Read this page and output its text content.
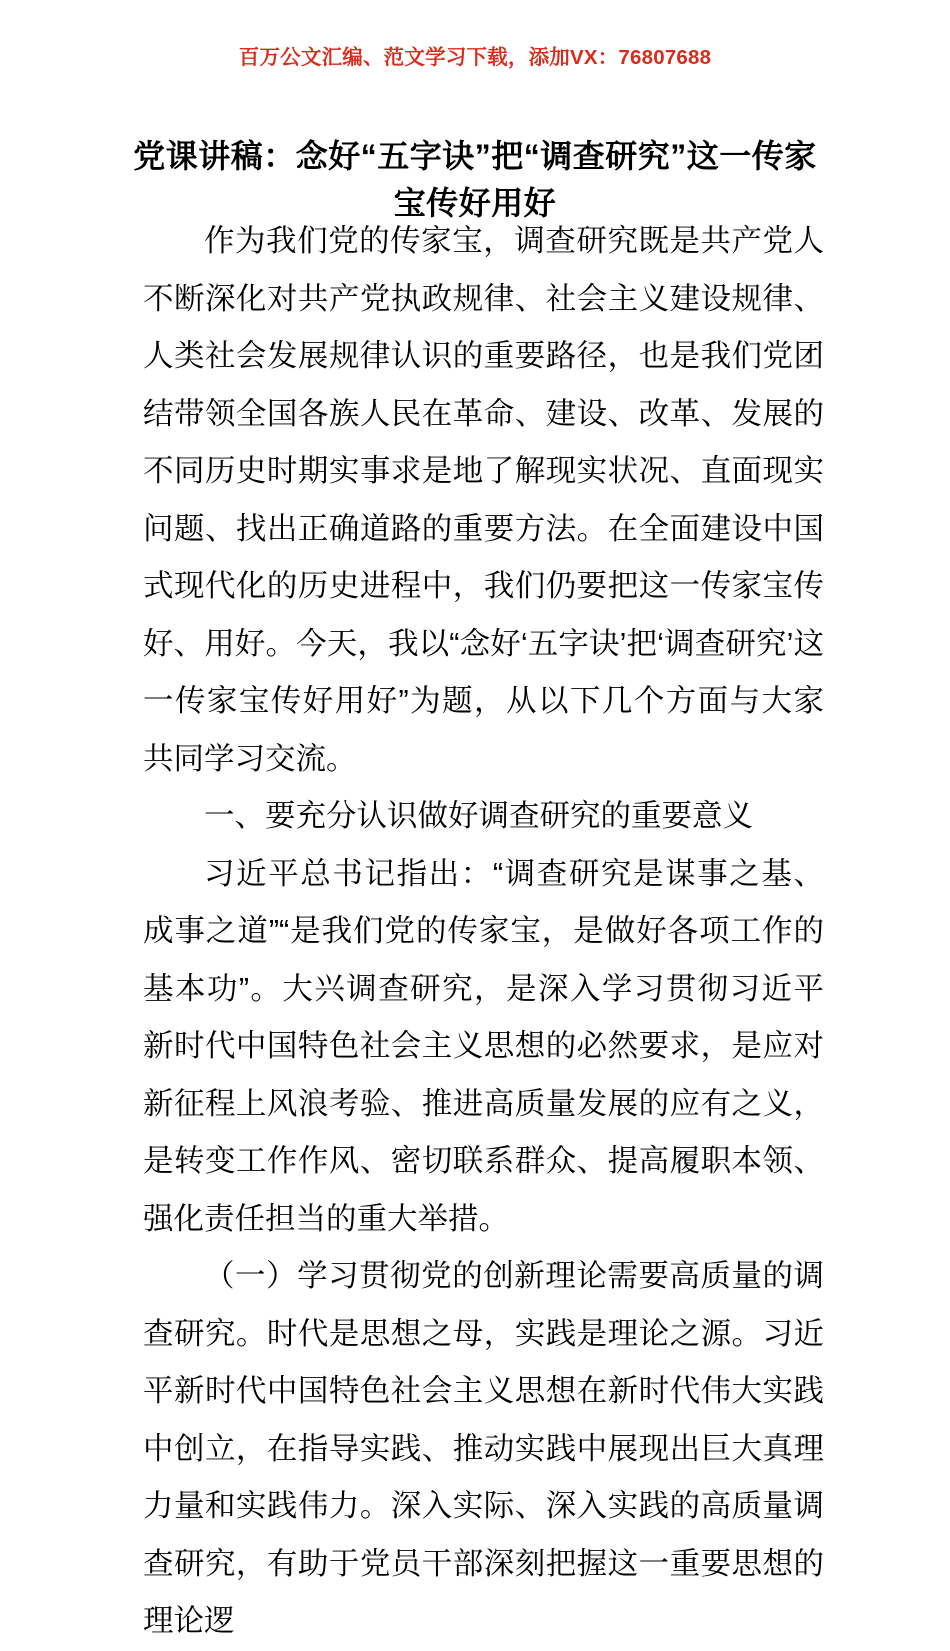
百万公文汇编、范文学习下载，添加VX：76807688
党课讲稿：念好“五字诀”把“调查研究”这一传家宝传好用好

作为我们党的传家宝，调查研究既是共产党人不断深化对共产党执政规律、社会主义建设规律、人类社会发展规律认识的重要路径，也是我们党团结带领全国各族人民在革命、建设、改革、发展的不同历史时期实事求是地了解现实状况、直面现实问题、找出正确道路的重要方法。在全面建设中国式现代化的历史进程中，我们仍要把这一传家宝传好、用好。今天，我以“念好‘五字诀’把‘调查研究’这一传家宝传好用好”为题，从以下几个方面与大家共同学习交流。

一、要充分认识做好调查研究的重要意义

习近平总书记指出：“调查研究是谋事之基、成事之道”“是我们党的传家宝，是做好各项工作的基本功”。大兴调查研究，是深入学习贯彻习近平新时代中国特色社会主义思想的必然要求，是应对新征程上风浪考验、推进高质量发展的应有之义，是转变工作作风、密切联系群众、提高履职本领、强化责任担当的重大举措。

（一）学习贯彻党的创新理论需要高质量的调查研究。时代是思想之母，实践是理论之源。习近平新时代中国特色社会主义思想在新时代伟大实践中创立，在指导实践、推动实践中展现出巨大真理力量和实践伟力。深入实际、深入实践的高质量调查研究，有助于党员干部深刻把握这一重要思想的理论逻
